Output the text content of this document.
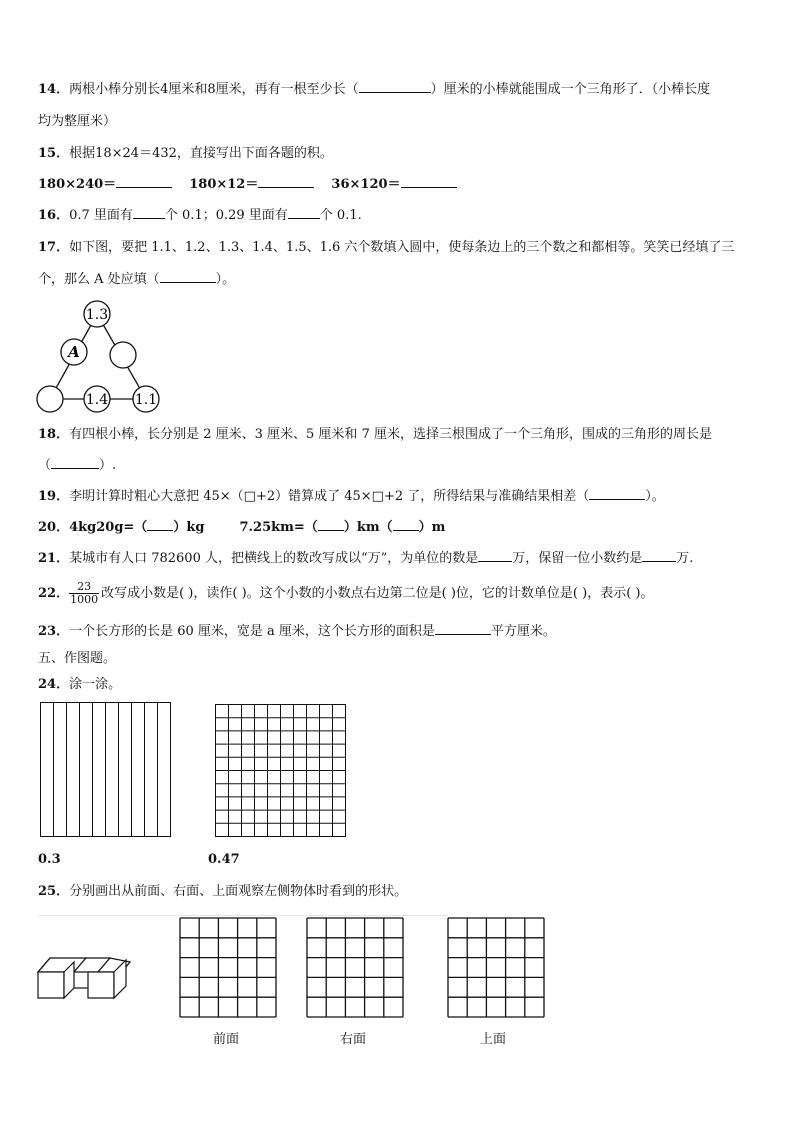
14．两根小棒分别长4厘米和8厘米，再有一根至少长（	）厘米的小棒就能围成一个三角形了．（小棒长度
均为整厘米）
15．根据18×24＝432，直接写出下面各题的积。
180×240＝	180×12＝	36×120＝
16．0.7 里面有 个 0.1；0.29 里面有 个 0.1.
17．如下图，要把 1.1、1.2、1.3、1.4、1.5、1.6 六个数填入圆中，使每条边上的三个数之和都相等。笑笑已经填了三
个，那么 A 处应填（	）。
1.3
A
1.4 1.1
18．有四根小棒，长分别是 2 厘米、3 厘米、5 厘米和 7 厘米，选择三根围成了一个三角形，围成的三角形的周长是
（	）.
19．李明计算时粗心大意把 45×（□+2）错算成了 45×□+2 了，所得结果与准确结果相差（	）。
20．4kg20g=（ ）kg	7.25km=（ ）km（ ）m
21．某城市有人口 782600 人，把横线上的数改写成以“万”，为单位的数是	万，保留一位小数约是	万.
22． $\frac{23}{1000}$ 改写成小数是( )，读作( )。这个小数的小数点右边第二位是( )位，它的计数单位是( )，表示( )。
23．一个长方形的长是 60 厘米，宽是 a 厘米，这个长方形的面积是	平方厘米。
五、作图题。
24．涂一涂。
0.3	0.47
25．分别画出从前面、右面、上面观察左侧物体时看到的形状。
前面	右面	上面
